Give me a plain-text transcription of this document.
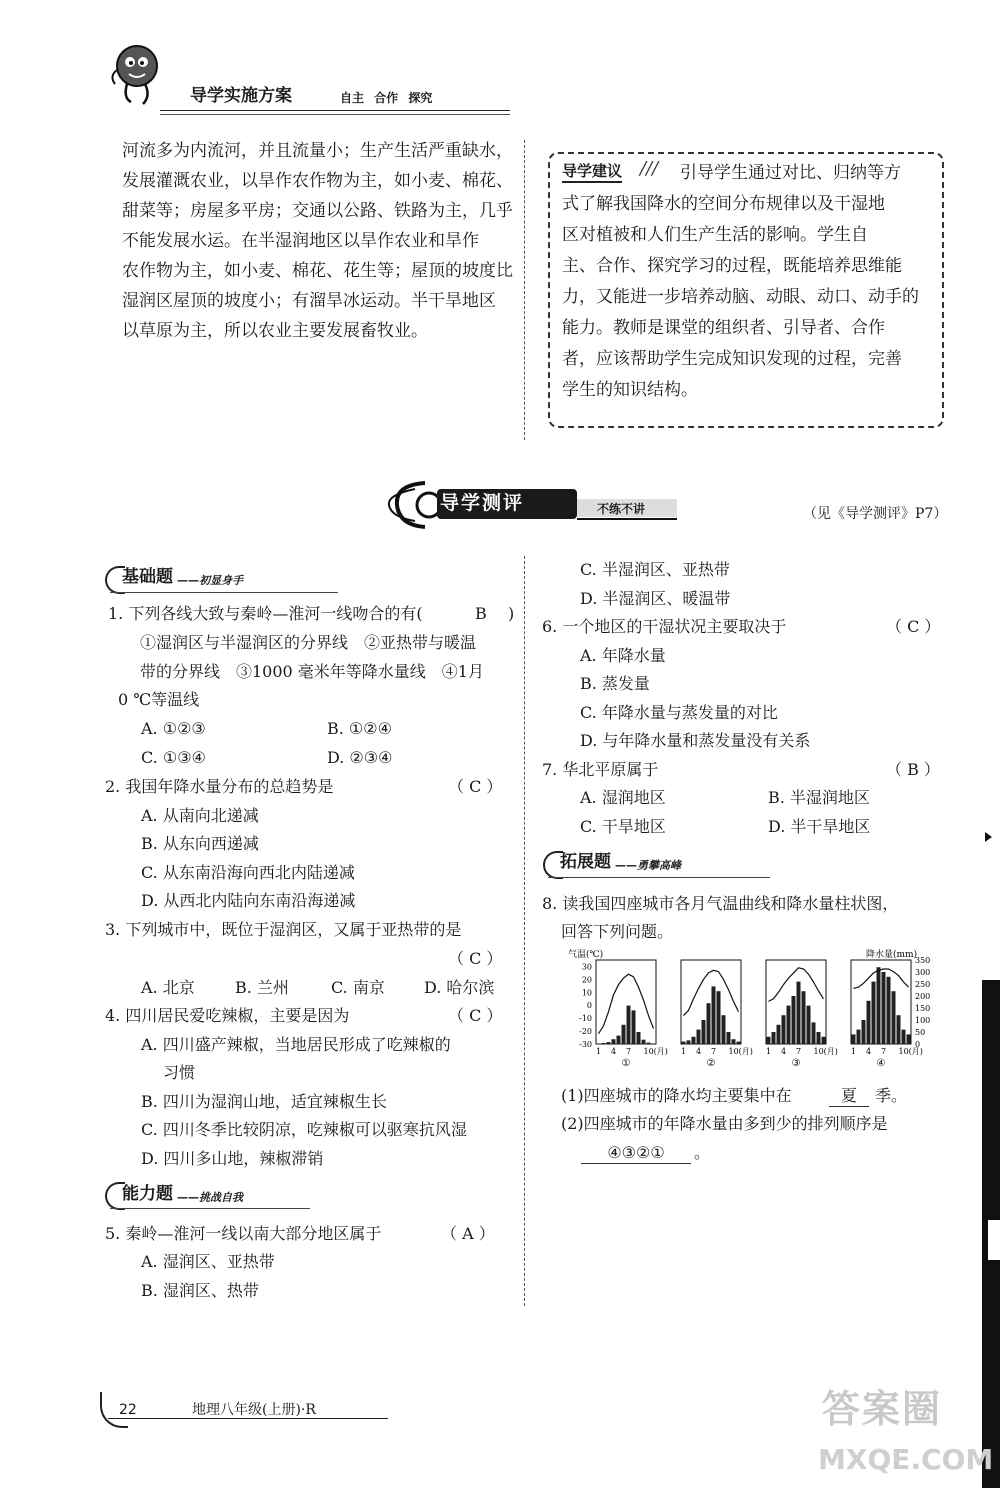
导学实施方案	自主 合作 探究
河流多为内流河，并且流量小；生产生活严重缺水，
发展灌溉农业，以旱作农作物为主，如小麦、棉花、
甜菜等；房屋多平房；交通以公路、铁路为主，几乎
不能发展水运。在半湿润地区以旱作农业和旱作
农作物为主，如小麦、棉花、花生等；屋顶的坡度比
湿润区屋顶的坡度小；有溜旱冰运动。半干旱地区
以草原为主，所以农业主要发展畜牧业。
导学建议 /// 引导学生通过对比、归纳等方
式了解我国降水的空间分布规律以及干湿地
区对植被和人们生产生活的影响。学生自
主、合作、探究学习的过程，既能培养思维能
力，又能进一步培养动脑、动眼、动口、动手的
能力。教师是课堂的组织者、引导者、合作
者，应该帮助学生完成知识发现的过程，完善
学生的知识结构。
导学测评	不练不讲	（见《导学测评》P7）
基础题 ——初显身手
1. 下列各线大致与秦岭—淮河一线吻合的有(	B )
①湿润区与半湿润区的分界线　②亚热带与暖温
带的分界线　③1000 毫米年等降水量线　④1月
0 ℃等温线
A. ①②③	B. ①②④
C. ①③④	D. ②③④
2. 我国年降水量分布的总趋势是	（ C ）
A. 从南向北递减
B. 从东向西递减
C. 从东南沿海向西北内陆递减
D. 从西北内陆向东南沿海递减
3. 下列城市中，既位于湿润区，又属于亚热带的是
（ C ）
A. 北京	B. 兰州	C. 南京 D. 哈尔滨
4. 四川居民爱吃辣椒，主要是因为	（ C ）
A. 四川盛产辣椒，当地居民形成了吃辣椒的
习惯
B. 四川为湿润山地，适宜辣椒生长
C. 四川冬季比较阴凉，吃辣椒可以驱寒抗风湿
D. 四川多山地，辣椒滞销
能力题 ——挑战自我
5. 秦岭—淮河一线以南大部分地区属于	（ A ）
A. 湿润区、亚热带
B. 湿润区、热带
C. 半湿润区、亚热带
D. 半湿润区、暖温带
6. 一个地区的干湿状况主要取决于	（ C ）
A. 年降水量
B. 蒸发量
C. 年降水量与蒸发量的对比
D. 与年降水量和蒸发量没有关系
7. 华北平原属于	（ B ）
A. 湿润地区	B. 半湿润地区
C. 干旱地区	D. 半干旱地区
拓展题 ——勇攀高峰
8. 读我国四座城市各月气温曲线和降水量柱状图，
回答下列问题。
气温(℃)	降水量(mm)
30
20
10
0
-10
-20
-30
350
300
250
200
150
100
50
0
1 4 7 10(月)
①
1 4 7 10(月)
②
1 4 7 10(月)
③
1 4 7 10(月)
④
(1)四座城市的降水均主要集中在	夏	季。
(2)四座城市的年降水量由多到少的排列顺序是
④③②①	。
22	地理八年级(上册)·R	答案圈
MXQE.COM
